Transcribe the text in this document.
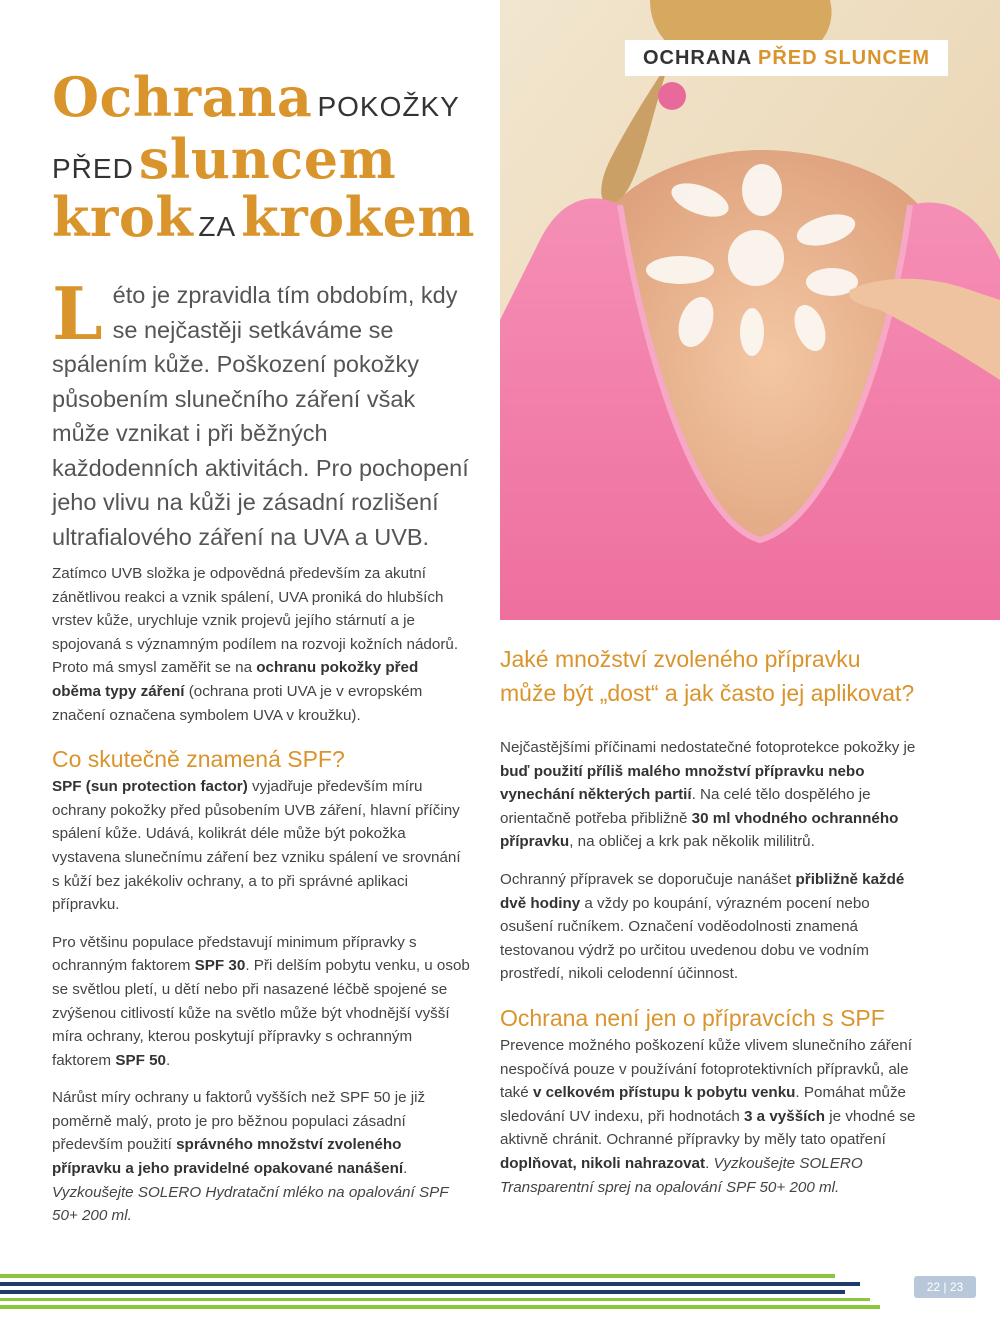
OCHRANA PŘED SLUNCEM
Ochrana POKOŽKY
PŘED sluncem
krok ZA krokem
L éto je zpravidla tím obdobím, kdy se nejčastěji setkáváme se spálením kůže. Poškození pokožky působením slunečního záření však může vznikat i při běžných každodenních aktivitách. Pro pochopení jeho vlivu na kůži je zásadní rozlišení ultrafialového záření na UVA a UVB.

Zatímco UVB složka je odpovědná především za akutní zánětlivou reakci a vznik spálení, UVA proniká do hlubších vrstev kůže, urychluje vznik projevů jejího stárnutí a je spojovaná s významným podílem na rozvoji kožních nádorů. Proto má smysl zaměřit se na ochranu pokožky před oběma typy záření (ochrana proti UVA je v evropském značení označena symbolem UVA v kroužku).

Co skutečně znamená SPF?

SPF (sun protection factor) vyjadřuje především míru ochrany pokožky před působením UVB záření, hlavní příčiny spálení kůže. Udává, kolikrát déle může být pokožka vystavena slunečnímu záření bez vzniku spálení ve srovnání s kůží bez jakékoliv ochrany, a to při správné aplikaci přípravku.

Pro většinu populace představují minimum přípravky s ochranným faktorem SPF 30. Při delším pobytu venku, u osob se světlou pletí, u dětí nebo při nasazené léčbě spojené se zvýšenou citlivostí kůže na světlo může být vhodnější vyšší míra ochrany, kterou poskytují přípravky s ochranným faktorem SPF 50.

Nárůst míry ochrany u faktorů vyšších než SPF 50 je již poměrně malý, proto je pro běžnou populaci zásadní především použití správného množství zvoleného přípravku a jeho pravidelné opakované nanášení. Vyzkoušejte SOLERO Hydratační mléko na opalování SPF 50+ 200 ml.

Jaké množství zvoleného přípravku může být „dost“ a jak často jej aplikovat?

Nejčastějšími příčinami nedostatečné fotoprotekce pokožky je buď použití příliš malého množství přípravku nebo vynechání některých partií. Na celé tělo dospělého je orientačně potřeba přibližně 30 ml vhodného ochranného přípravku, na obličej a krk pak několik mililitrů.

Ochranný přípravek se doporučuje nanášet přibližně každé dvě hodiny a vždy po koupání, výrazném pocení nebo osušení ručníkem. Označení voděodolnosti znamená testovanou výdrž po určitou uvedenou dobu ve vodním prostředí, nikoli celodenní účinnost.

Ochrana není jen o přípravcích s SPF

Prevence možného poškození kůže vlivem slunečního záření nespočívá pouze v používání fotoprotektivních přípravků, ale také v celkovém přístupu k pobytu venku. Pomáhat může sledování UV indexu, při hodnotách 3 a vyšších je vhodné se aktivně chránit. Ochranné přípravky by měly tato opatření doplňovat, nikoli nahrazovat. Vyzkoušejte SOLERO Transparentní sprej na opalování SPF 50+ 200 ml.

22 | 23
